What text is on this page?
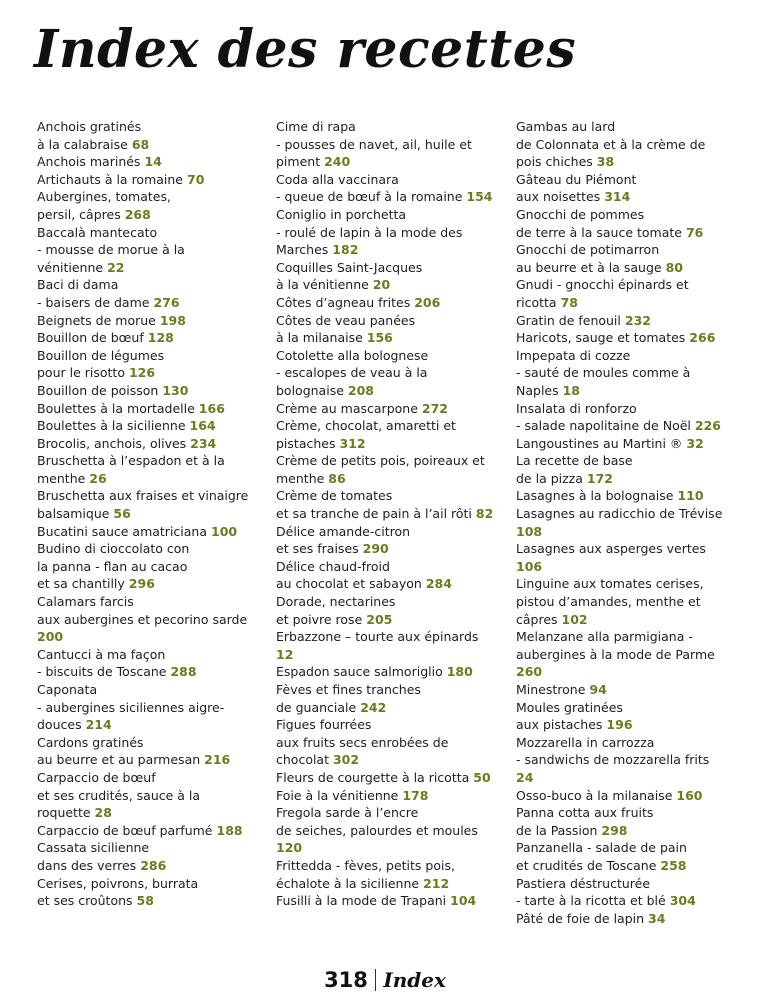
Index des recettes
Anchois gratinés
à la calabraise 68
Anchois marinés 14
Artichauts à la romaine 70
Aubergines, tomates,
persil, câpres 268
Baccalà mantecato
- mousse de morue à la
vénitienne 22
Baci di dama
- baisers de dame 276
Beignets de morue 198
Bouillon de bœuf 128
Bouillon de légumes
pour le risotto 126
Bouillon de poisson 130
Boulettes à la mortadelle 166
Boulettes à la sicilienne 164
Brocolis, anchois, olives 234
Bruschetta à l’espadon et à la
menthe 26
Bruschetta aux fraises et vinaigre
balsamique 56
Bucatini sauce amatriciana 100
Budino di cioccolato con
la panna - flan au cacao
et sa chantilly 296
Calamars farcis
aux aubergines et pecorino sarde
200
Cantucci à ma façon
- biscuits de Toscane 288
Caponata
- aubergines siciliennes aigre-
douces 214
Cardons gratinés
au beurre et au parmesan 216
Carpaccio de bœuf
et ses crudités, sauce à la
roquette 28
Carpaccio de bœuf parfumé 188
Cassata sicilienne
dans des verres 286
Cerises, poivrons, burrata
et ses croûtons 58
Cime di rapa
- pousses de navet, ail, huile et
piment 240
Coda alla vaccinara
- queue de bœuf à la romaine 154
Coniglio in porchetta
- roulé de lapin à la mode des
Marches 182
Coquilles Saint-Jacques
à la vénitienne 20
Côtes d’agneau frites 206
Côtes de veau panées
à la milanaise 156
Cotolette alla bolognese
- escalopes de veau à la
bolognaise 208
Crème au mascarpone 272
Crème, chocolat, amaretti et
pistaches 312
Crème de petits pois, poireaux et
menthe 86
Crème de tomates
et sa tranche de pain à l’ail rôti 82
Délice amande-citron
et ses fraises 290
Délice chaud-froid
au chocolat et sabayon 284
Dorade, nectarines
et poivre rose 205
Erbazzone – tourte aux épinards
12
Espadon sauce salmoriglio 180
Fèves et fines tranches
de guanciale 242
Figues fourrées
aux fruits secs enrobées de
chocolat 302
Fleurs de courgette à la ricotta 50
Foie à la vénitienne 178
Fregola sarde à l’encre
de seiches, palourdes et moules
120
Frittedda - fèves, petits pois,
échalote à la sicilienne 212
Fusilli à la mode de Trapani 104
Gambas au lard
de Colonnata et à la crème de
pois chiches 38
Gâteau du Piémont
aux noisettes 314
Gnocchi de pommes
de terre à la sauce tomate 76
Gnocchi de potimarron
au beurre et à la sauge 80
Gnudi - gnocchi épinards et
ricotta 78
Gratin de fenouil 232
Haricots, sauge et tomates 266
Impepata di cozze
- sauté de moules comme à
Naples 18
Insalata di ronforzo
- salade napolitaine de Noël 226
Langoustines au Martini ® 32
La recette de base
de la pizza 172
Lasagnes à la bolognaise 110
Lasagnes au radicchio de Trévise
108
Lasagnes aux asperges vertes
106
Linguine aux tomates cerises,
pistou d’amandes, menthe et
câpres 102
Melanzane alla parmigiana -
aubergines à la mode de Parme
260
Minestrone 94
Moules gratinées
aux pistaches 196
Mozzarella in carrozza
- sandwichs de mozzarella frits
24
Osso-buco à la milanaise 160
Panna cotta aux fruits
de la Passion 298
Panzanella - salade de pain
et crudités de Toscane 258
Pastiera déstructurée
- tarte à la ricotta et blé 304
Pâté de foie de lapin 34
318 Index
